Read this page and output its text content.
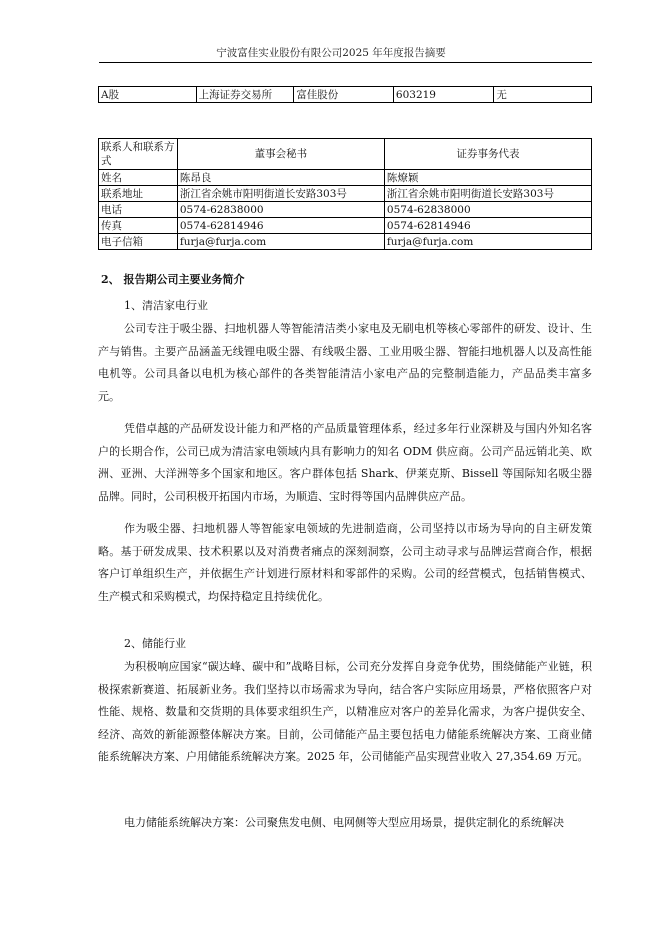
宁波富佳实业股份有限公司2025 年年度报告摘要
A股	上海证券交易所	富佳股份	603219	无
联系人和联系方式	董事会秘书	证券事务代表
姓名	陈昂良	陈燎颖
联系地址	浙江省余姚市阳明街道长安路303号	浙江省余姚市阳明街道长安路303号
电话	0574-62838000	0574-62838000
传真	0574-62814946	0574-62814946
电子信箱	furja@furja.com	furja@furja.com
2、 报告期公司主要业务简介
1、清洁家电行业

公司专注于吸尘器、扫地机器人等智能清洁类小家电及无刷电机等核心零部件的研发、设计、生产与销售。主要产品涵盖无线锂电吸尘器、有线吸尘器、工业用吸尘器、智能扫地机器人以及高性能电机等。公司具备以电机为核心部件的各类智能清洁小家电产品的完整制造能力，产品品类丰富多元。

凭借卓越的产品研发设计能力和严格的产品质量管理体系，经过多年行业深耕及与国内外知名客户的长期合作，公司已成为清洁家电领域内具有影响力的知名 ODM 供应商。公司产品远销北美、欧洲、亚洲、大洋洲等多个国家和地区。客户群体包括 Shark、伊莱克斯、Bissell 等国际知名吸尘器品牌。同时，公司积极开拓国内市场，为顺造、宝时得等国内品牌供应产品。

作为吸尘器、扫地机器人等智能家电领域的先进制造商，公司坚持以市场为导向的自主研发策略。基于研发成果、技术积累以及对消费者痛点的深刻洞察，公司主动寻求与品牌运营商合作，根据客户订单组织生产，并依据生产计划进行原材料和零部件的采购。公司的经营模式，包括销售模式、生产模式和采购模式，均保持稳定且持续优化。

2、储能行业

为积极响应国家“碳达峰、碳中和”战略目标，公司充分发挥自身竞争优势，围绕储能产业链，积极探索新赛道、拓展新业务。我们坚持以市场需求为导向，结合客户实际应用场景，严格依照客户对性能、规格、数量和交货期的具体要求组织生产，以精准应对客户的差异化需求，为客户提供安全、经济、高效的新能源整体解决方案。目前，公司储能产品主要包括电力储能系统解决方案、工商业储能系统解决方案、户用储能系统解决方案。2025 年，公司储能产品实现营业收入 27,354.69 万元。

电力储能系统解决方案：公司聚焦发电侧、电网侧等大型应用场景，提供定制化的系统解决
